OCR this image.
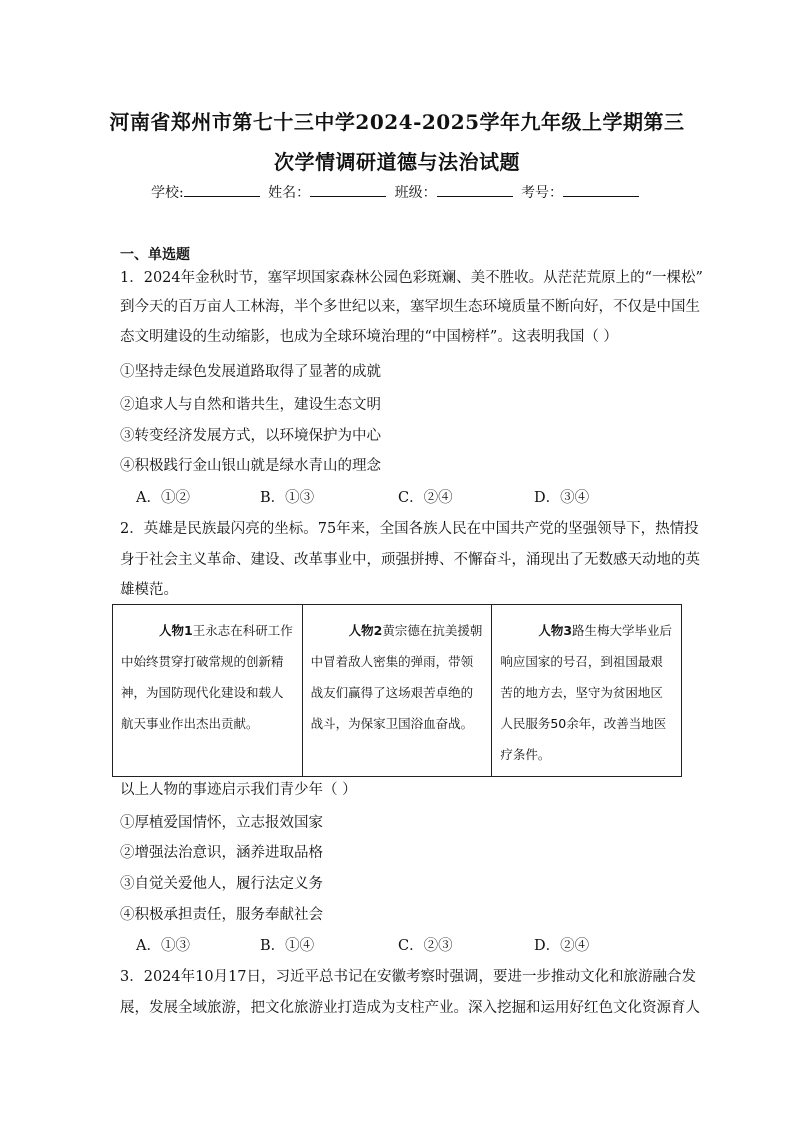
河南省郑州市第七十三中学2024-2025学年九年级上学期第三
次学情调研道德与法治试题
学校:	姓名：	班级：	考号：
一、单选题
1．2024年金秋时节，塞罕坝国家森林公园色彩斑斓、美不胜收。从茫茫荒原上的“一棵松”
到今天的百万亩人工林海，半个多世纪以来，塞罕坝生态环境质量不断向好，不仅是中国生
态文明建设的生动缩影，也成为全球环境治理的“中国榜样”。这表明我国（ ）
①坚持走绿色发展道路取得了显著的成就
②追求人与自然和谐共生，建设生态文明
③转变经济发展方式，以环境保护为中心
④积极践行金山银山就是绿水青山的理念
A．①②	B．①③	C．②④	D．③④
2．英雄是民族最闪亮的坐标。75年来，全国各族人民在中国共产党的坚强领导下，热情投
身于社会主义革命、建设、改革事业中，顽强拼搏、不懈奋斗，涌现出了无数感天动地的英
雄模范。
人物1王永志在科研工作中始终贯穿打破常规的创新精神，为国防现代化建设和载人航天事业作出杰出贡献。	人物2黄宗德在抗美援朝中冒着敌人密集的弹雨，带领战友们赢得了这场艰苦卓绝的战斗，为保家卫国浴血奋战。	人物3路生梅大学毕业后响应国家的号召，到祖国最艰苦的地方去，坚守为贫困地区人民服务50余年，改善当地医疗条件。
以上人物的事迹启示我们青少年（ ）
①厚植爱国情怀，立志报效国家
②增强法治意识，涵养进取品格
③自觉关爱他人，履行法定义务
④积极承担责任，服务奉献社会
A．①③	B．①④	C．②③	D．②④
3．2024年10月17日，习近平总书记在安徽考察时强调，要进一步推动文化和旅游融合发
展，发展全域旅游，把文化旅游业打造成为支柱产业。深入挖掘和运用好红色文化资源育人
